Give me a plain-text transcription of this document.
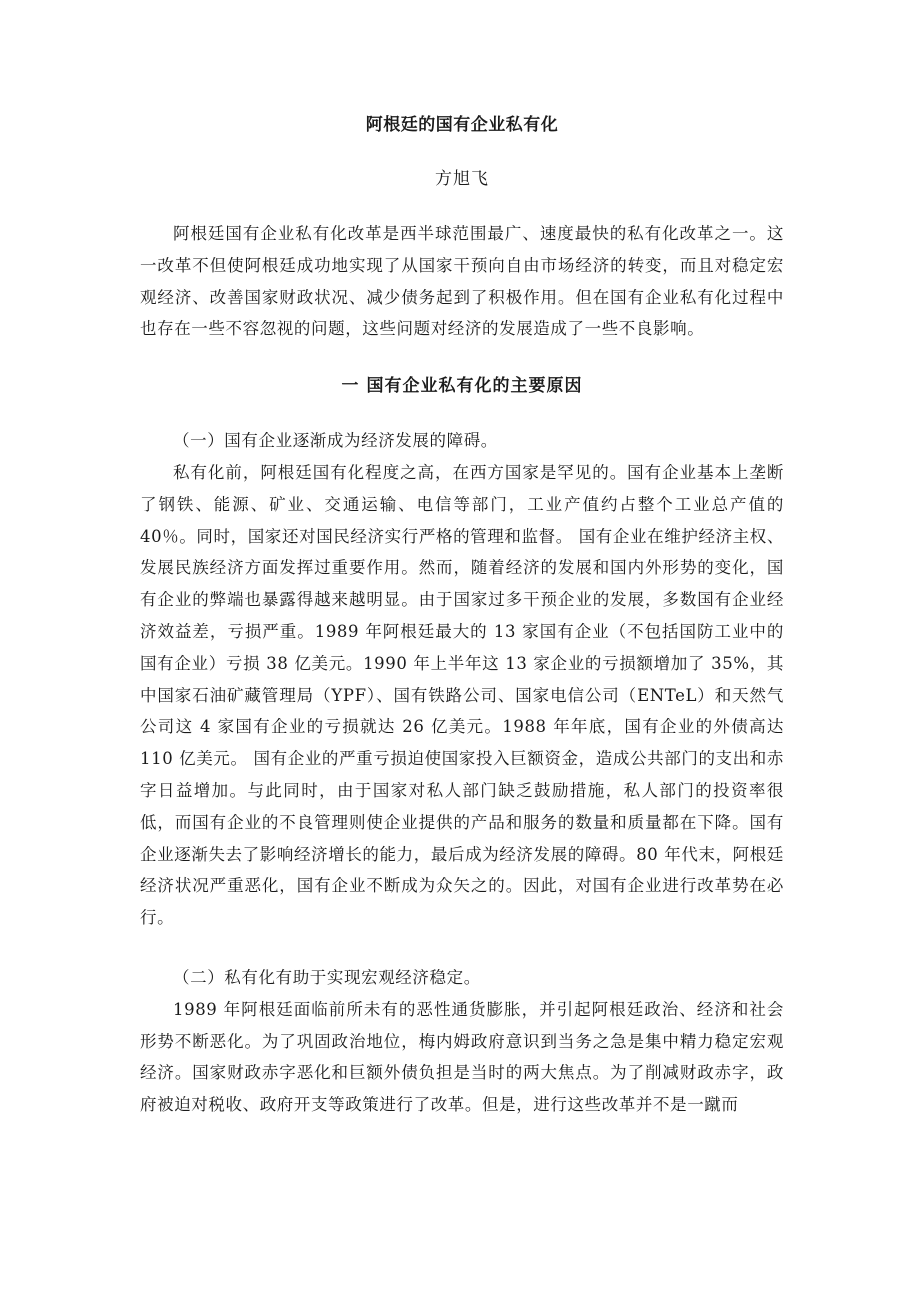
阿根廷的国有企业私有化

方旭飞

阿根廷国有企业私有化改革是西半球范围最广、速度最快的私有化改革之一。这一改革不但使阿根廷成功地实现了从国家干预向自由市场经济的转变，而且对稳定宏观经济、改善国家财政状况、减少债务起到了积极作用。但在国有企业私有化过程中也存在一些不容忽视的问题，这些问题对经济的发展造成了一些不良影响。

一 国有企业私有化的主要原因

（一）国有企业逐渐成为经济发展的障碍。

私有化前，阿根廷国有化程度之高，在西方国家是罕见的。国有企业基本上垄断了钢铁、能源、矿业、交通运输、电信等部门，工业产值约占整个工业总产值的 40％。同时，国家还对国民经济实行严格的管理和监督。 国有企业在维护经济主权、发展民族经济方面发挥过重要作用。然而，随着经济的发展和国内外形势的变化，国有企业的弊端也暴露得越来越明显。由于国家过多干预企业的发展，多数国有企业经济效益差，亏损严重。1989 年阿根廷最大的 13 家国有企业（不包括国防工业中的国有企业）亏损 38 亿美元。1990 年上半年这 13 家企业的亏损额增加了 35%，其中国家石油矿藏管理局（YPF）、国有铁路公司、国家电信公司（ENTeL）和天然气公司这 4 家国有企业的亏损就达 26 亿美元。1988 年年底，国有企业的外债高达 110 亿美元。 国有企业的严重亏损迫使国家投入巨额资金，造成公共部门的支出和赤字日益增加。与此同时，由于国家对私人部门缺乏鼓励措施，私人部门的投资率很低，而国有企业的不良管理则使企业提供的产品和服务的数量和质量都在下降。国有企业逐渐失去了影响经济增长的能力，最后成为经济发展的障碍。80 年代末，阿根廷经济状况严重恶化，国有企业不断成为众矢之的。因此，对国有企业进行改革势在必行。

（二）私有化有助于实现宏观经济稳定。

1989 年阿根廷面临前所未有的恶性通货膨胀，并引起阿根廷政治、经济和社会形势不断恶化。为了巩固政治地位，梅内姆政府意识到当务之急是集中精力稳定宏观经济。国家财政赤字恶化和巨额外债负担是当时的两大焦点。为了削减财政赤字，政府被迫对税收、政府开支等政策进行了改革。但是，进行这些改革并不是一蹴而
